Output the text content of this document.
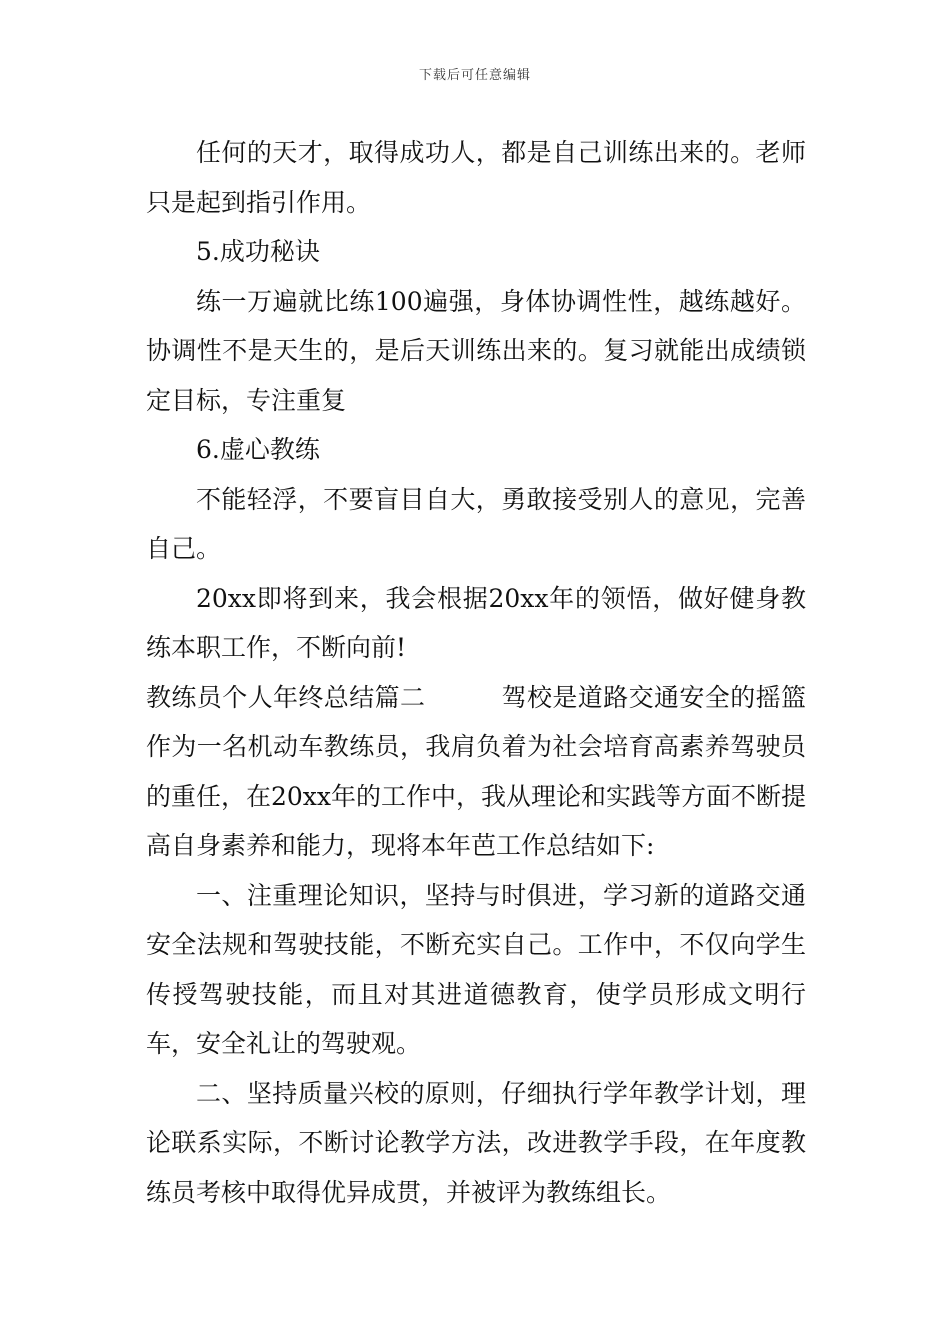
下载后可任意编辑

任何的天才，取得成功人，都是自己训练出来的。老师只是起到指引作用。

5.成功秘诀

练一万遍就比练100遍强，身体协调性性，越练越好。协调性不是天生的，是后天训练出来的。复习就能出成绩锁定目标，专注重复

6.虚心教练

不能轻浮，不要盲目自大，勇敢接受别人的意见，完善自己。

20xx即将到来，我会根据20xx年的领悟，做好健身教练本职工作，不断向前!

教练员个人年终总结篇二　　　驾校是道路交通安全的摇篮作为一名机动车教练员，我肩负着为社会培育高素养驾驶员的重任，在20xx年的工作中，我从理论和实践等方面不断提高自身素养和能力，现将本年芭工作总结如下:

一、注重理论知识，坚持与时俱进，学习新的道路交通安全法规和驾驶技能，不断充实自己。工作中，不仅向学生传授驾驶技能，而且对其进道德教育，使学员形成文明行车，安全礼让的驾驶观。

二、坚持质量兴校的原则，仔细执行学年教学计划，理论联系实际，不断讨论教学方法，改进教学手段，在年度教练员考核中取得优异成贯，并被评为教练组长。
